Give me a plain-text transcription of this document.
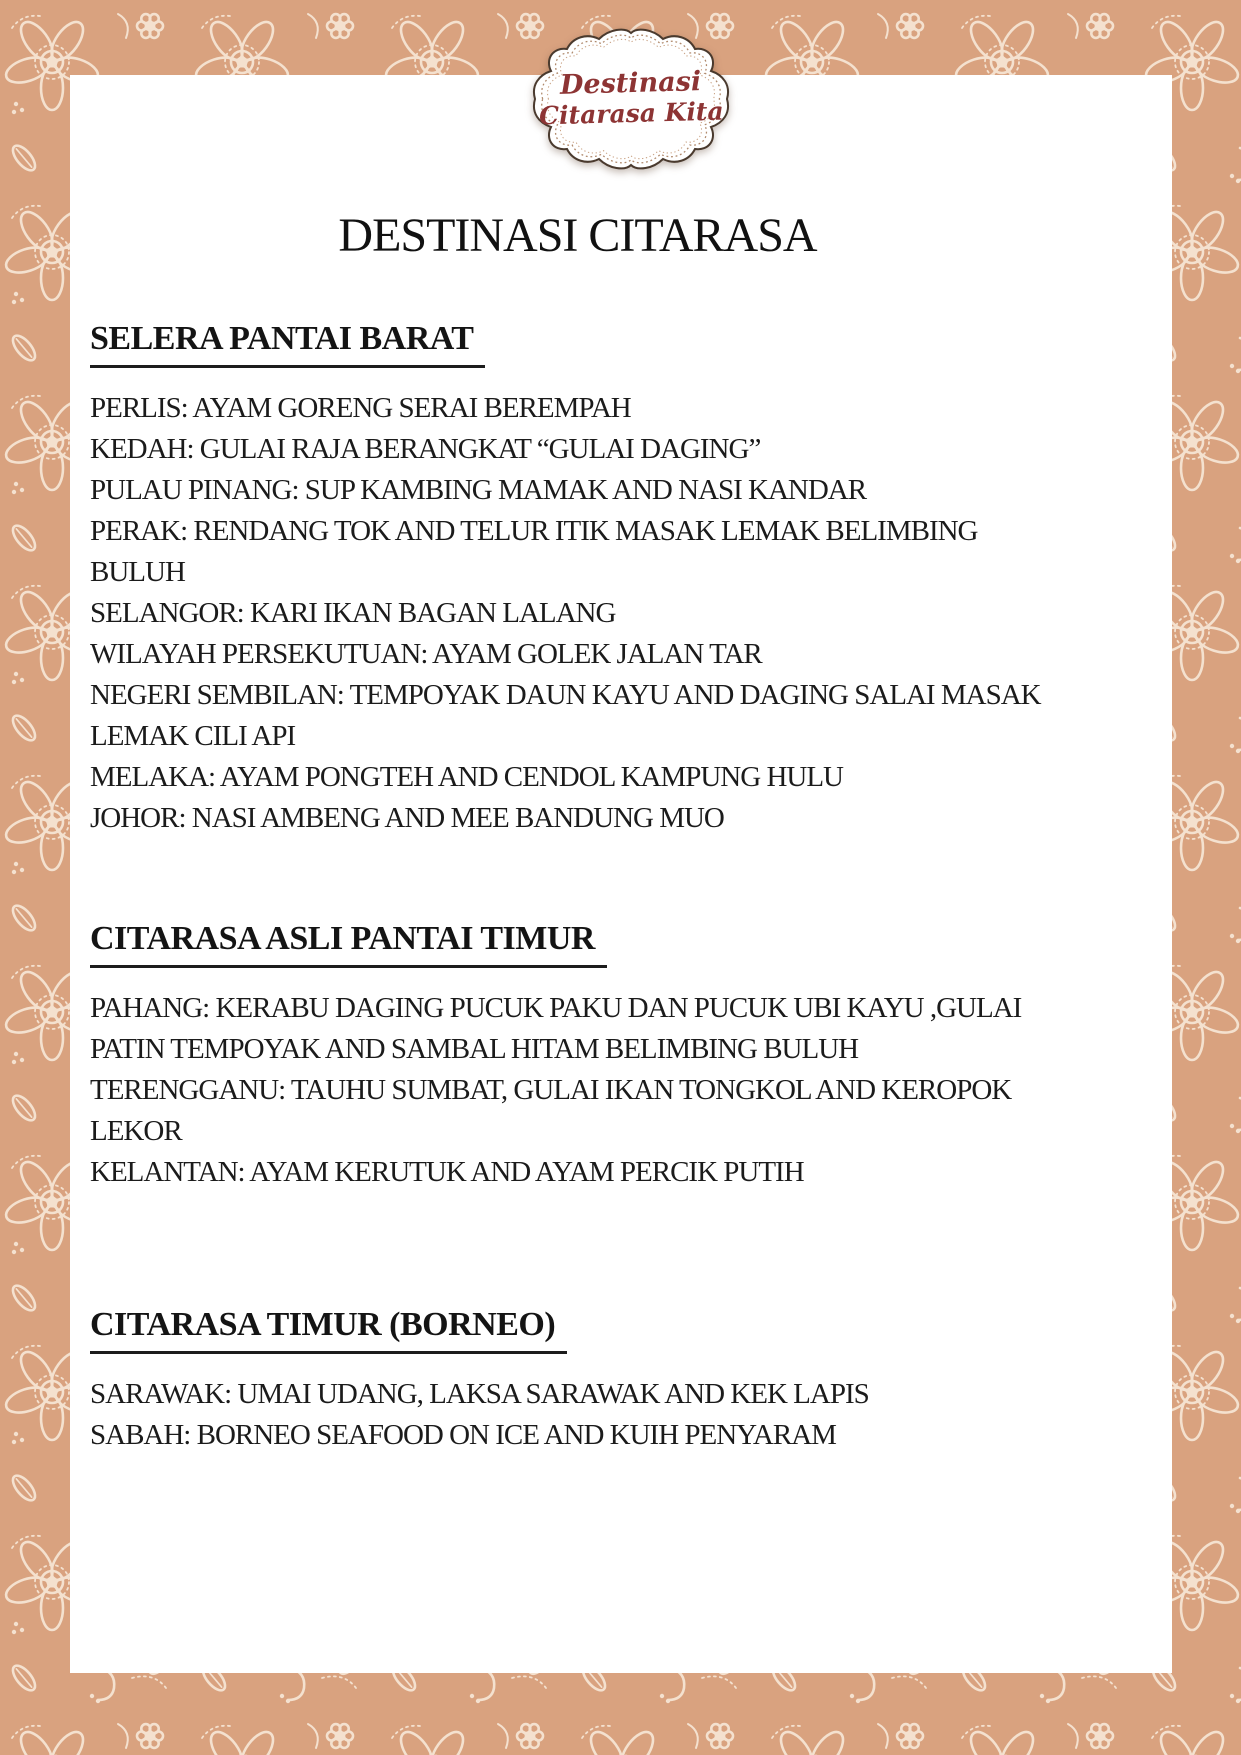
DESTINASI CITARASA
SELERA PANTAI BARAT
PERLIS: AYAM GORENG SERAI BEREMPAH
KEDAH: GULAI RAJA BERANGKAT “GULAI DAGING”
PULAU PINANG: SUP KAMBING MAMAK AND NASI KANDAR
PERAK: RENDANG TOK AND TELUR ITIK MASAK LEMAK BELIMBING BULUH
SELANGOR: KARI IKAN BAGAN LALANG
WILAYAH PERSEKUTUAN: AYAM GOLEK JALAN TAR
NEGERI SEMBILAN: TEMPOYAK DAUN KAYU AND DAGING SALAI MASAK LEMAK CILI API
MELAKA: AYAM PONGTEH AND CENDOL KAMPUNG HULU
JOHOR: NASI AMBENG AND MEE BANDUNG MUO
CITARASA ASLI PANTAI TIMUR
PAHANG: KERABU DAGING PUCUK PAKU DAN PUCUK UBI KAYU ,GULAI PATIN TEMPOYAK AND SAMBAL HITAM BELIMBING BULUH
TERENGGANU: TAUHU SUMBAT, GULAI IKAN TONGKOL AND KEROPOK LEKOR
KELANTAN: AYAM KERUTUK AND AYAM PERCIK PUTIH
CITARASA TIMUR (BORNEO)
SARAWAK: UMAI UDANG, LAKSA SARAWAK AND KEK LAPIS
SABAH: BORNEO SEAFOOD ON ICE AND KUIH PENYARAM
Destinasi
Citarasa Kita
